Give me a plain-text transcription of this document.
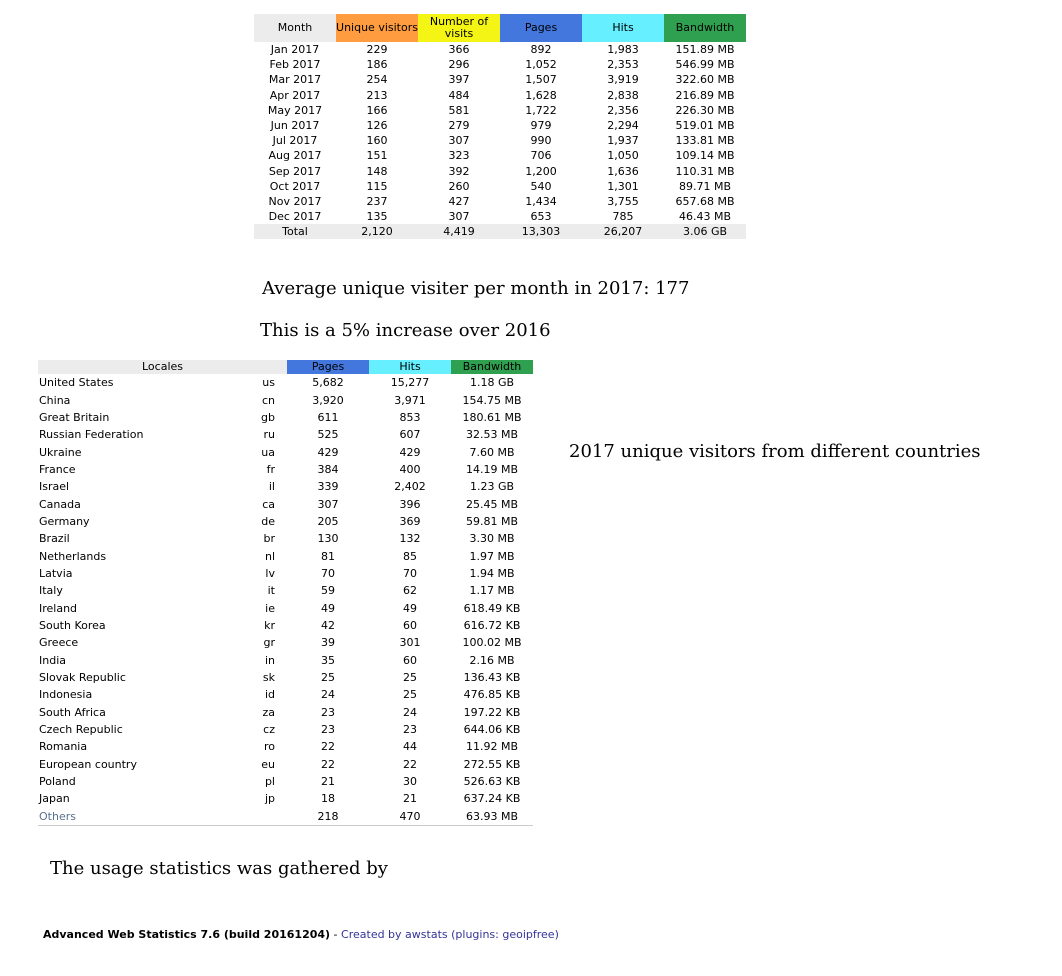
Month	Unique visitors	Number of visits	Pages	Hits	Bandwidth
Jan 2017	229	366	892	1,983	151.89 MB
Feb 2017	186	296	1,052	2,353	546.99 MB
Mar 2017	254	397	1,507	3,919	322.60 MB
Apr 2017	213	484	1,628	2,838	216.89 MB
May 2017	166	581	1,722	2,356	226.30 MB
Jun 2017	126	279	979	2,294	519.01 MB
Jul 2017	160	307	990	1,937	133.81 MB
Aug 2017	151	323	706	1,050	109.14 MB
Sep 2017	148	392	1,200	1,636	110.31 MB
Oct 2017	115	260	540	1,301	89.71 MB
Nov 2017	237	427	1,434	3,755	657.68 MB
Dec 2017	135	307	653	785	46.43 MB
Total	2,120	4,419	13,303	26,207	3.06 GB
Average unique visiter per month in 2017: 177
This is a 5% increase over 2016
Locales		Pages	Hits	Bandwidth
United States	us	5,682	15,277	1.18 GB
China	cn	3,920	3,971	154.75 MB
Great Britain	gb	611	853	180.61 MB
Russian Federation	ru	525	607	32.53 MB
Ukraine	ua	429	429	7.60 MB
France	fr	384	400	14.19 MB
Israel	il	339	2,402	1.23 GB
Canada	ca	307	396	25.45 MB
Germany	de	205	369	59.81 MB
Brazil	br	130	132	3.30 MB
Netherlands	nl	81	85	1.97 MB
Latvia	lv	70	70	1.94 MB
Italy	it	59	62	1.17 MB
Ireland	ie	49	49	618.49 KB
South Korea	kr	42	60	616.72 KB
Greece	gr	39	301	100.02 MB
India	in	35	60	2.16 MB
Slovak Republic	sk	25	25	136.43 KB
Indonesia	id	24	25	476.85 KB
South Africa	za	23	24	197.22 KB
Czech Republic	cz	23	23	644.06 KB
Romania	ro	22	44	11.92 MB
European country	eu	22	22	272.55 KB
Poland	pl	21	30	526.63 KB
Japan	jp	18	21	637.24 KB
Others		218	470	63.93 MB
2017 unique visitors from different countries
The usage statistics was gathered by
Advanced Web Statistics 7.6 (build 20161204) - Created by awstats (plugins: geoipfree)
